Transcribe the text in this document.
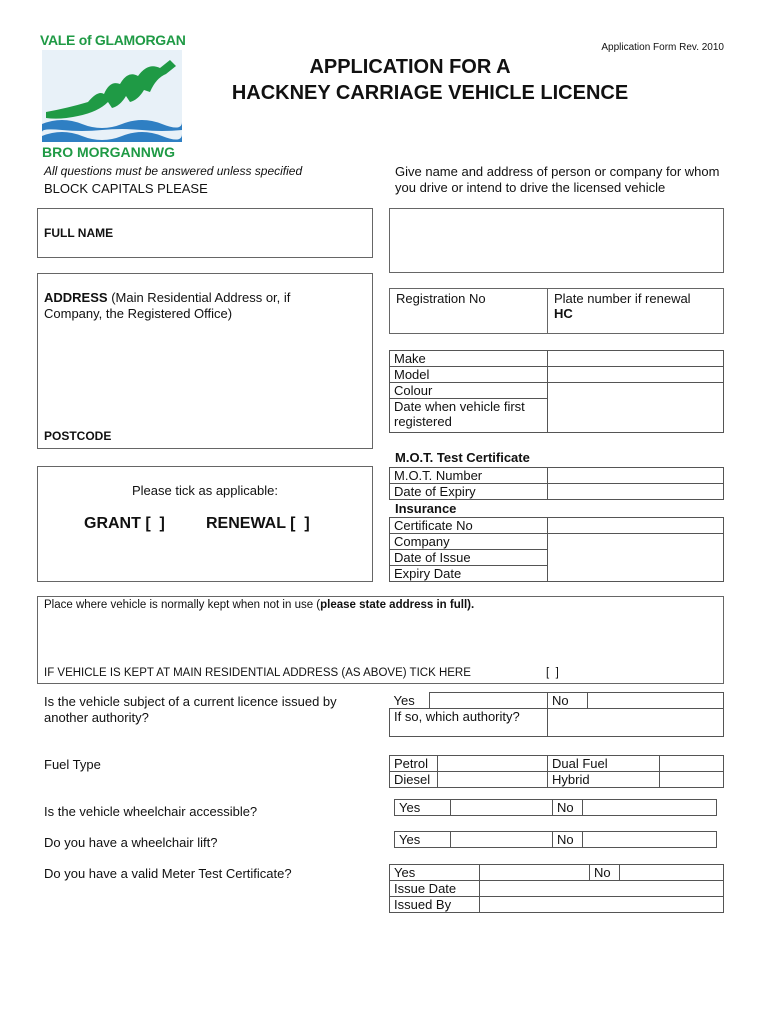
VALE of GLAMORGAN
BRO MORGANNWG
Application Form Rev. 2010
APPLICATION FOR A
HACKNEY CARRIAGE VEHICLE LICENCE
All questions must be answered unless specified
BLOCK CAPITALS PLEASE
Give name and address of person or company for whom you drive or intend to drive the licensed vehicle
FULL NAME
ADDRESS (Main Residential Address or, if Company, the Registered Office)
POSTCODE
Registration No	Plate number if renewal
HC
Make	
Model	
Colour	
Date when vehicle first registered	
Please tick as applicable:
GRANT [  ]	RENEWAL [  ]
M.O.T. Test Certificate
M.O.T. Number	
Date of Expiry	
Insurance
Certificate No	
Company	
Date of Issue	
Expiry Date	
Place where vehicle is normally kept when not in use (please state address in full).
IF VEHICLE IS KEPT AT MAIN RESIDENTIAL ADDRESS (AS ABOVE) TICK HERE	[  ]
Is the vehicle subject of a current licence issued by another authority?
Yes		No	
If so, which authority?			
Fuel Type	Petrol		Dual Fuel	
Diesel		Hybrid	
Is the vehicle wheelchair accessible?	Yes		No	
Do you have a wheelchair lift?	Yes		No	
Do you have a valid Meter Test Certificate?	Yes		No	
Issue Date			
Issued By			
